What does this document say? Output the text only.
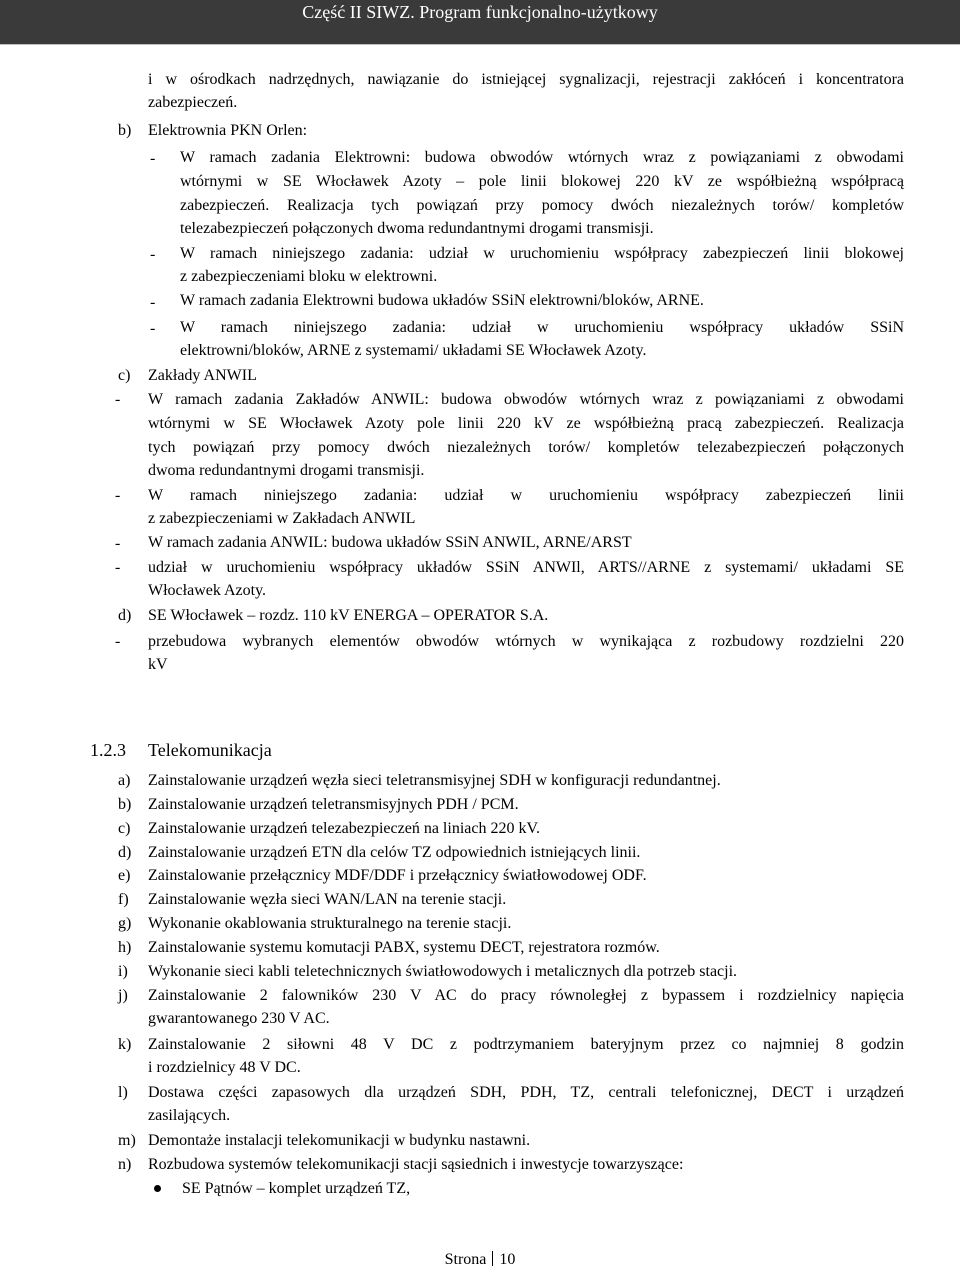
Część II SIWZ. Program funkcjonalno-użytkowy
i w ośrodkach nadrzędnych, nawiązanie do istniejącej sygnalizacji, rejestracji zakłóceń i koncentratora
zabezpieczeń.
b) Elektrownia PKN Orlen:
- W ramach zadania Elektrowni: budowa obwodów wtórnych wraz z powiązaniami z obwodami
wtórnymi w SE Włocławek Azoty – pole linii blokowej 220 kV ze współbieżną współpracą
zabezpieczeń. Realizacja tych powiązań przy pomocy dwóch niezależnych torów/ kompletów
telezabezpieczeń połączonych dwoma redundantnymi drogami transmisji.
- W ramach niniejszego zadania: udział w uruchomieniu współpracy zabezpieczeń linii blokowej
z zabezpieczeniami bloku w elektrowni.
- W ramach zadania Elektrowni budowa układów SSiN elektrowni/bloków, ARNE.
- W ramach niniejszego zadania: udział w uruchomieniu współpracy układów SSiN
elektrowni/bloków, ARNE z systemami/ układami SE Włocławek Azoty.
c) Zakłady ANWIL
- W ramach zadania Zakładów ANWIL: budowa obwodów wtórnych wraz z powiązaniami z obwodami
wtórnymi w SE Włocławek Azoty pole linii 220 kV ze współbieżną pracą zabezpieczeń. Realizacja
tych powiązań przy pomocy dwóch niezależnych torów/ kompletów telezabezpieczeń połączonych
dwoma redundantnymi drogami transmisji.
- W ramach niniejszego zadania: udział w uruchomieniu współpracy zabezpieczeń linii
z zabezpieczeniami w Zakładach ANWIL
- W ramach zadania ANWIL: budowa układów SSiN ANWIL, ARNE/ARST
- udział w uruchomieniu współpracy układów SSiN ANWIl, ARTS//ARNE z systemami/ układami SE
Włocławek Azoty.
d) SE Włocławek – rozdz. 110 kV ENERGA – OPERATOR S.A.
- przebudowa wybranych elementów obwodów wtórnych w wynikająca z rozbudowy rozdzielni 220
kV
1.2.3 Telekomunikacja
a) Zainstalowanie urządzeń węzła sieci teletransmisyjnej SDH w konfiguracji redundantnej.
b) Zainstalowanie urządzeń teletransmisyjnych PDH / PCM.
c) Zainstalowanie urządzeń telezabezpieczeń na liniach 220 kV.
d) Zainstalowanie urządzeń ETN dla celów TZ odpowiednich istniejących linii.
e) Zainstalowanie przełącznicy MDF/DDF i przełącznicy światłowodowej ODF.
f) Zainstalowanie węzła sieci WAN/LAN na terenie stacji.
g) Wykonanie okablowania strukturalnego na terenie stacji.
h) Zainstalowanie systemu komutacji PABX, systemu DECT, rejestratora rozmów.
i) Wykonanie sieci kabli teletechnicznych światłowodowych i metalicznych dla potrzeb stacji.
j) Zainstalowanie 2 falowników 230 V AC do pracy równoległej z bypassem i rozdzielnicy napięcia
gwarantowanego 230 V AC.
k) Zainstalowanie 2 siłowni 48 V DC z podtrzymaniem bateryjnym przez co najmniej 8 godzin
i rozdzielnicy 48 V DC.
l) Dostawa części zapasowych dla urządzeń SDH, PDH, TZ, centrali telefonicznej, DECT i urządzeń
zasilających.
m) Demontaże instalacji telekomunikacji w budynku nastawni.
n) Rozbudowa systemów telekomunikacji stacji sąsiednich i inwestycje towarzyszące:
SE Pątnów – komplet urządzeń TZ,
Strona 10
